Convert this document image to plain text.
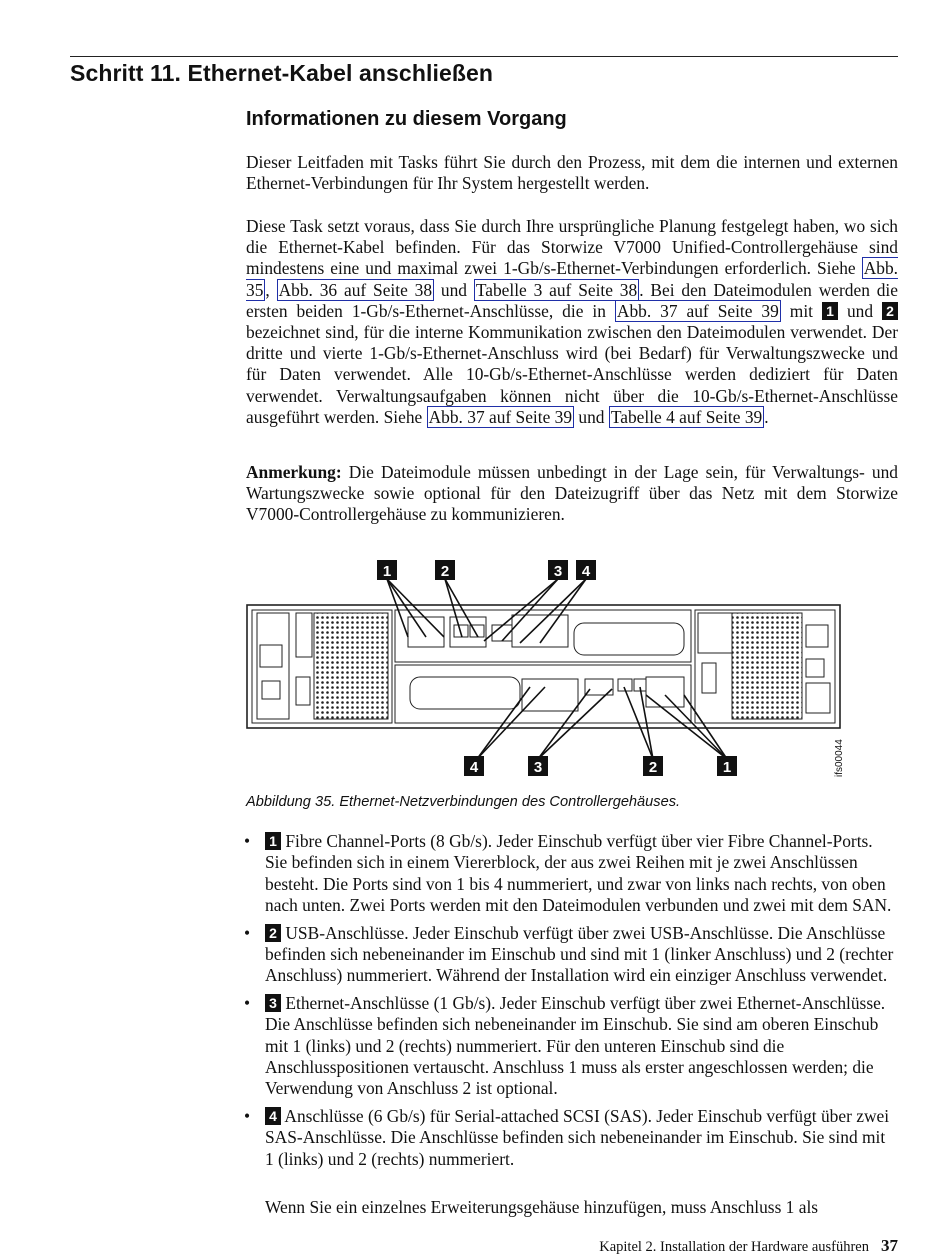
Schritt 11. Ethernet-Kabel anschließen
Informationen zu diesem Vorgang

Dieser Leitfaden mit Tasks führt Sie durch den Prozess, mit dem die internen und externen Ethernet-Verbindungen für Ihr System hergestellt werden.

Diese Task setzt voraus, dass Sie durch Ihre ursprüngliche Planung festgelegt haben, wo sich die Ethernet-Kabel befinden. Für das Storwize V7000 Unified-Controllergehäuse sind mindestens eine und maximal zwei 1-Gb/s-Ethernet-Verbindungen erforderlich. Siehe Abb. 35 , Abb. 36 auf Seite 38 und Tabelle 3 auf Seite 38 . Bei den Dateimodulen werden die ersten beiden 1-Gb/s-Ethernet-Anschlüsse, die in Abb. 37 auf Seite 39 mit 1 und 2 bezeichnet sind, für die interne Kommunikation zwischen den Dateimodulen verwendet. Der dritte und vierte 1-Gb/s-Ethernet-Anschluss wird (bei Bedarf) für Verwaltungszwecke und für Daten verwendet. Alle 10-Gb/s-Ethernet-Anschlüsse werden dediziert für Daten verwendet. Verwaltungsaufgaben können nicht über die 10-Gb/s-Ethernet-Anschlüsse ausgeführt werden. Siehe Abb. 37 auf Seite 39 und Tabelle 4 auf Seite 39 .

Anmerkung: Die Dateimodule müssen unbedingt in der Lage sein, für Verwaltungs- und Wartungszwecke sowie optional für den Dateizugriff über das Netz mit dem Storwize V7000-Controllergehäuse zu kommunizieren.

1	2	3 4
4	3	2	1	ifs00044
Abbildung 35. Ethernet-Netzverbindungen des Controllergehäuses.
• 1 Fibre Channel-Ports (8 Gb/s). Jeder Einschub verfügt über vier Fibre Channel-Ports. Sie befinden sich in einem Viererblock, der aus zwei Reihen mit je zwei Anschlüssen besteht. Die Ports sind von 1 bis 4 nummeriert, und zwar von links nach rechts, von oben nach unten. Zwei Ports werden mit den Dateimodulen verbunden und zwei mit dem SAN.
• 2 USB-Anschlüsse. Jeder Einschub verfügt über zwei USB-Anschlüsse. Die Anschlüsse befinden sich nebeneinander im Einschub und sind mit 1 (linker Anschluss) und 2 (rechter Anschluss) nummeriert. Während der Installation wird ein einziger Anschluss verwendet.
• 3 Ethernet-Anschlüsse (1 Gb/s). Jeder Einschub verfügt über zwei Ethernet-Anschlüsse. Die Anschlüsse befinden sich nebeneinander im Einschub. Sie sind am oberen Einschub mit 1 (links) und 2 (rechts) nummeriert. Für den unteren Einschub sind die Anschlusspositionen vertauscht. Anschluss 1 muss als erster angeschlossen werden; die Verwendung von Anschluss 2 ist optional.
• 4 Anschlüsse (6 Gb/s) für Serial-attached SCSI (SAS). Jeder Einschub verfügt über zwei SAS-Anschlüsse. Die Anschlüsse befinden sich nebeneinander im Einschub. Sie sind mit 1 (links) und 2 (rechts) nummeriert.
Wenn Sie ein einzelnes Erweiterungsgehäuse hinzufügen, muss Anschluss 1 als
Kapitel 2. Installation der Hardware ausführen 37
